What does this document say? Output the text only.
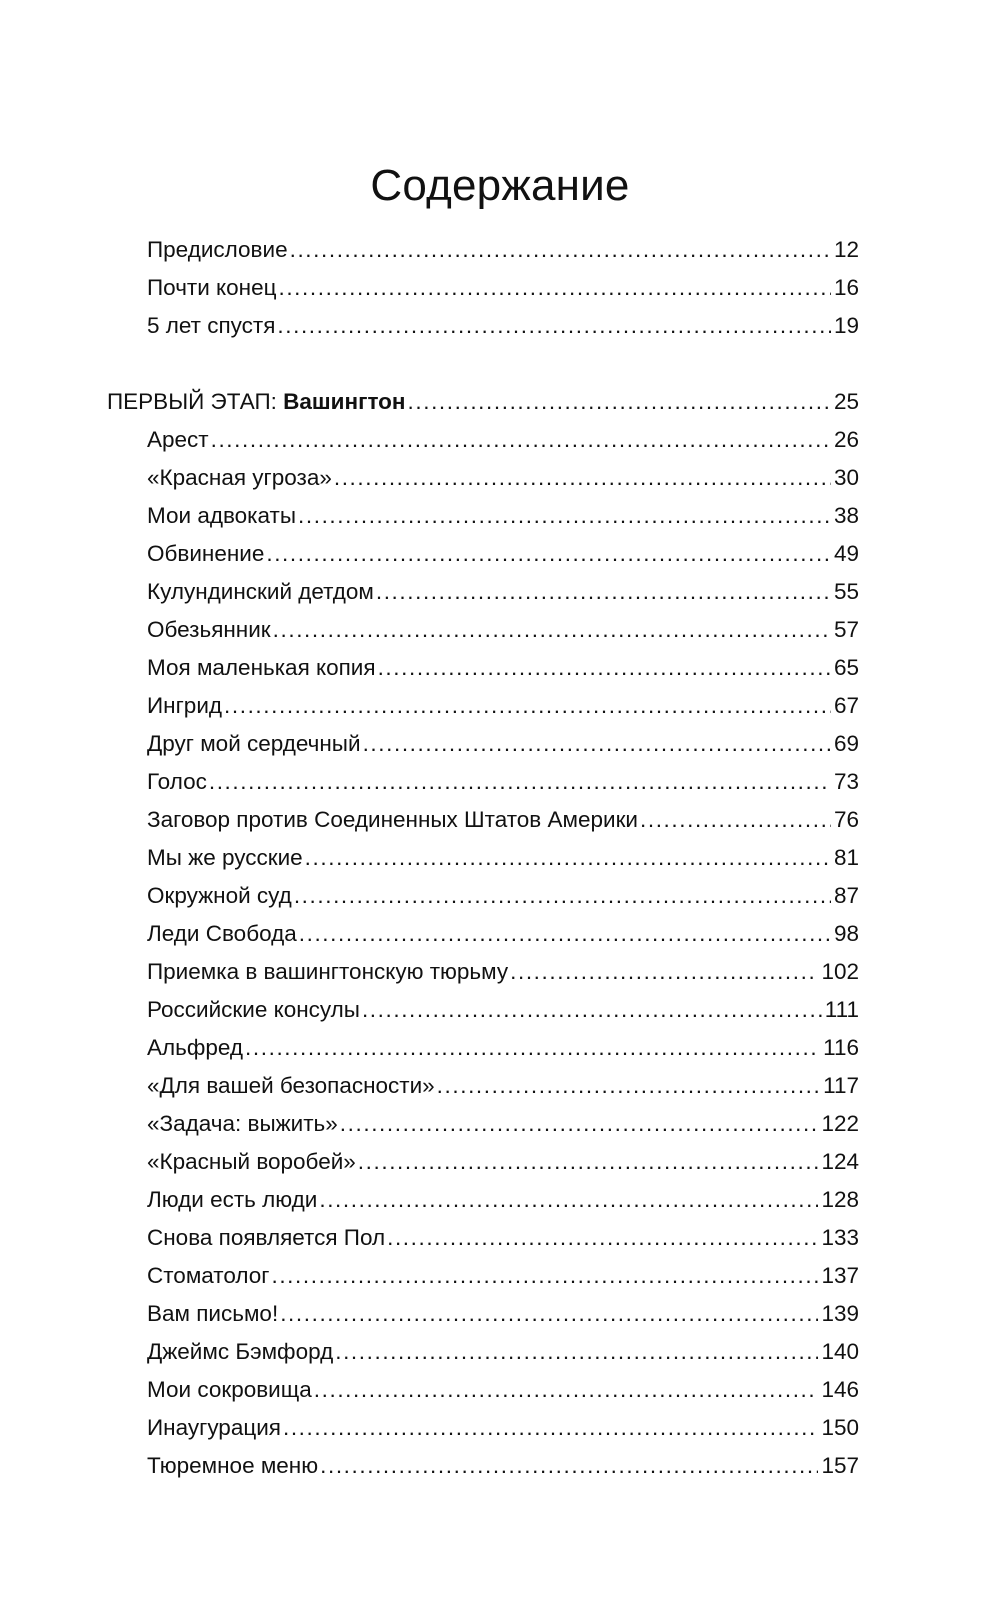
Содержание
Предисловие .....	12
Почти конец .....	16
5 лет спустя .....	19
ПЕРВЫЙ ЭТАП: Вашингтон .....	25
Арест .....	26
«Красная угроза» .....	30
Мои адвокаты .....	38
Обвинение .....	49
Кулундинский детдом .....	55
Обезьянник .....	57
Моя маленькая копия .....	65
Ингрид .....	67
Друг мой сердечный .....	69
Голос .....	73
Заговор против Соединенных Штатов Америки .....	76
Мы же русские .....	81
Окружной суд .....	87
Леди Свобода .....	98
Приемка в вашингтонскую тюрьму .....	102
Российские консулы .....	111
Альфред .....	116
«Для вашей безопасности» .....	117
«Задача: выжить» .....	122
«Красный воробей» .....	124
Люди есть люди .....	128
Снова появляется Пол .....	133
Стоматолог .....	137
Вам письмо! .....	139
Джеймс Бэмфорд .....	140
Мои сокровища .....	146
Инаугурация .....	150
Тюремное меню .....	157
